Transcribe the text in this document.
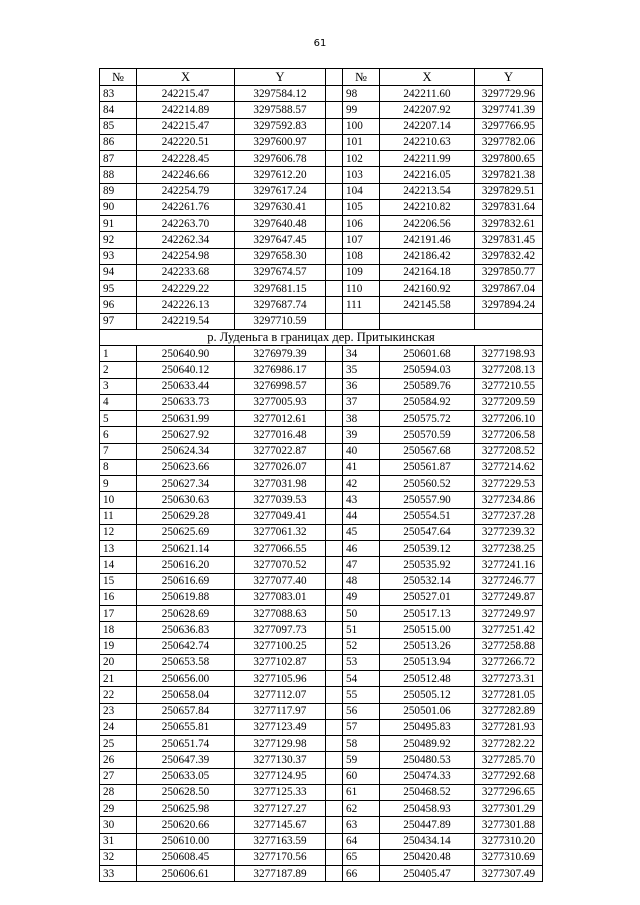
61
№	X	Y		№	X	Y
83	242215.47	3297584.12		98	242211.60	3297729.96
84	242214.89	3297588.57		99	242207.92	3297741.39
85	242215.47	3297592.83		100	242207.14	3297766.95
86	242220.51	3297600.97		101	242210.63	3297782.06
87	242228.45	3297606.78		102	242211.99	3297800.65
88	242246.66	3297612.20		103	242216.05	3297821.38
89	242254.79	3297617.24		104	242213.54	3297829.51
90	242261.76	3297630.41		105	242210.82	3297831.64
91	242263.70	3297640.48		106	242206.56	3297832.61
92	242262.34	3297647.45		107	242191.46	3297831.45
93	242254.98	3297658.30		108	242186.42	3297832.42
94	242233.68	3297674.57		109	242164.18	3297850.77
95	242229.22	3297681.15		110	242160.92	3297867.04
96	242226.13	3297687.74		111	242145.58	3297894.24
97	242219.54	3297710.59				
р. Луденьга в границах дер. Притыкинская						
1	250640.90	3276979.39		34	250601.68	3277198.93
2	250640.12	3276986.17		35	250594.03	3277208.13
3	250633.44	3276998.57		36	250589.76	3277210.55
4	250633.73	3277005.93		37	250584.92	3277209.59
5	250631.99	3277012.61		38	250575.72	3277206.10
6	250627.92	3277016.48		39	250570.59	3277206.58
7	250624.34	3277022.87		40	250567.68	3277208.52
8	250623.66	3277026.07		41	250561.87	3277214.62
9	250627.34	3277031.98		42	250560.52	3277229.53
10	250630.63	3277039.53		43	250557.90	3277234.86
11	250629.28	3277049.41		44	250554.51	3277237.28
12	250625.69	3277061.32		45	250547.64	3277239.32
13	250621.14	3277066.55		46	250539.12	3277238.25
14	250616.20	3277070.52		47	250535.92	3277241.16
15	250616.69	3277077.40		48	250532.14	3277246.77
16	250619.88	3277083.01		49	250527.01	3277249.87
17	250628.69	3277088.63		50	250517.13	3277249.97
18	250636.83	3277097.73		51	250515.00	3277251.42
19	250642.74	3277100.25		52	250513.26	3277258.88
20	250653.58	3277102.87		53	250513.94	3277266.72
21	250656.00	3277105.96		54	250512.48	3277273.31
22	250658.04	3277112.07		55	250505.12	3277281.05
23	250657.84	3277117.97		56	250501.06	3277282.89
24	250655.81	3277123.49		57	250495.83	3277281.93
25	250651.74	3277129.98		58	250489.92	3277282.22
26	250647.39	3277130.37		59	250480.53	3277285.70
27	250633.05	3277124.95		60	250474.33	3277292.68
28	250628.50	3277125.33		61	250468.52	3277296.65
29	250625.98	3277127.27		62	250458.93	3277301.29
30	250620.66	3277145.67		63	250447.89	3277301.88
31	250610.00	3277163.59		64	250434.14	3277310.20
32	250608.45	3277170.56		65	250420.48	3277310.69
33	250606.61	3277187.89		66	250405.47	3277307.49
